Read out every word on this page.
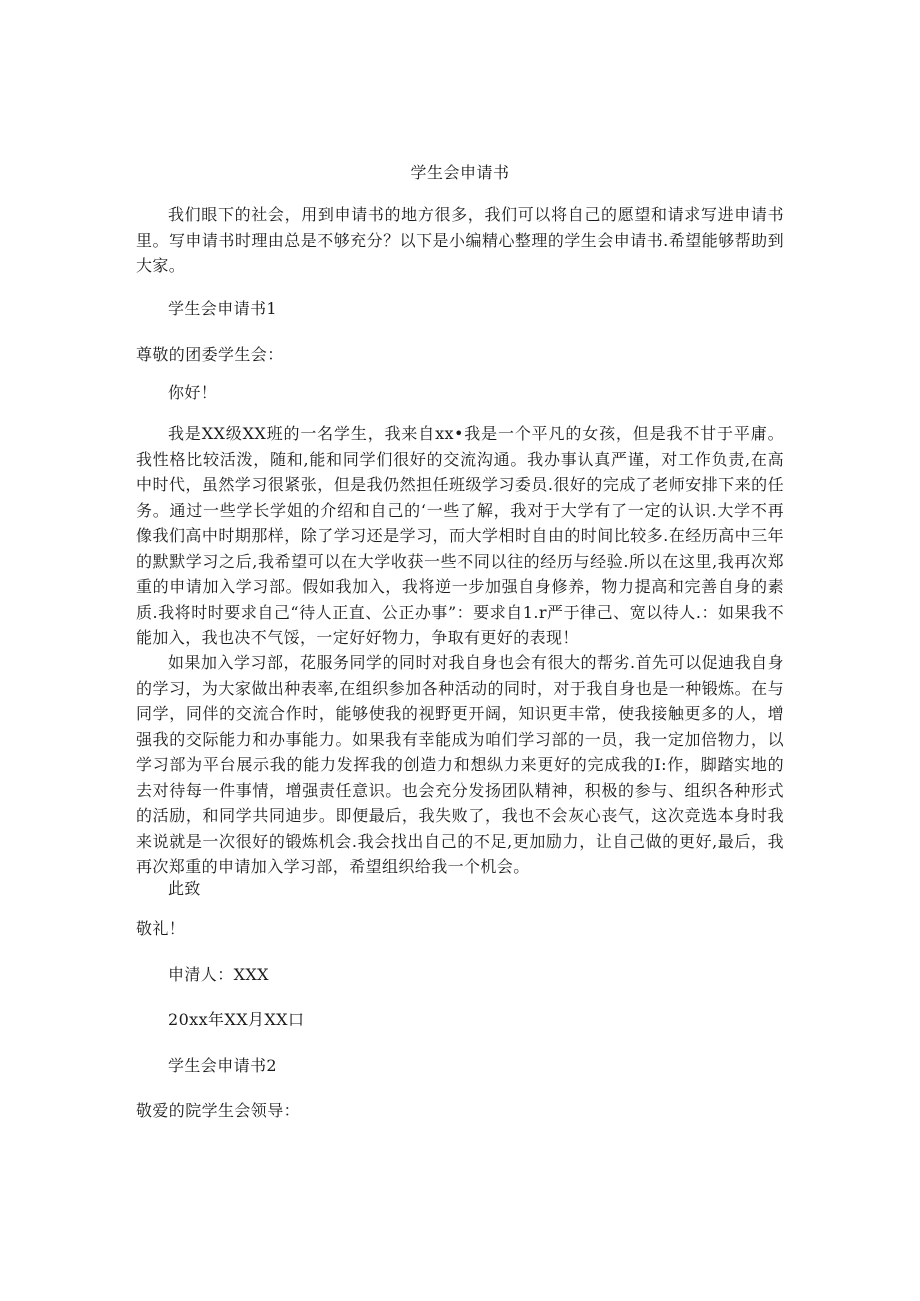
学生会申请书
我们眼下的社会，用到申请书的地方很多，我们可以将自己的愿望和请求写进申请书里。写申请书时理由总是不够充分？以下是小编精心整理的学生会申请书.希望能够帮助到大家。
学生会申请书1
尊敬的团委学生会：
你好！
我是XX级XX班的一名学生，我来自xx•我是一个平凡的女孩，但是我不甘于平庸。我性格比较活泼，随和,能和同学们很好的交流沟通。我办事认真严谨，对工作负责,在高中时代，虽然学习很紧张，但是我仍然担任班级学习委员.很好的完成了老师安排下来的任务。通过一些学长学姐的介绍和自己的‘一些了解，我对于大学有了一定的认识.大学不再像我们高中时期那样，除了学习还是学习，而大学相时自由的时间比较多.在经历高中三年的默默学习之后,我希望可以在大学收获一些不同以往的经历与经验.所以在这里,我再次郑重的申请加入学习部。假如我加入，我将逆一步加强自身修养，物力提高和完善自身的素质.我将时时要求自己“待人正直、公正办事”：要求自1.r严于律己、宽以待人.：如果我不能加入，我也决不气馁，一定好好物力，争取有更好的表现！
如果加入学习部，花服务同学的同时对我自身也会有很大的帮劣.首先可以促迪我自身的学习，为大家做出种表率,在组织参加各种活动的同时，对于我自身也是一种锻炼。在与同学，同伴的交流合作时，能够使我的视野更开阔，知识更丰常，使我接触更多的人，增强我的交际能力和办事能力。如果我有幸能成为咱们学习部的一员，我一定加倍物力，以学习部为平台展示我的能力发挥我的创造力和想纵力来更好的完成我的I:作，脚踏实地的去对待每一件事情，增强责任意识。也会充分发扬团队精神，积极的参与、组织各种形式的活励，和同学共同迪步。即便最后，我失败了，我也不会灰心丧气，这次竞选本身时我来说就是一次很好的锻炼机会.我会找出自己的不足,更加励力，让自己做的更好,最后，我再次郑重的申请加入学习部，希望组织给我一个机会。
此致
敬礼！
申清人：XXX
20xx年XX月XX口
学生会申请书2
敬爱的院学生会领导：
